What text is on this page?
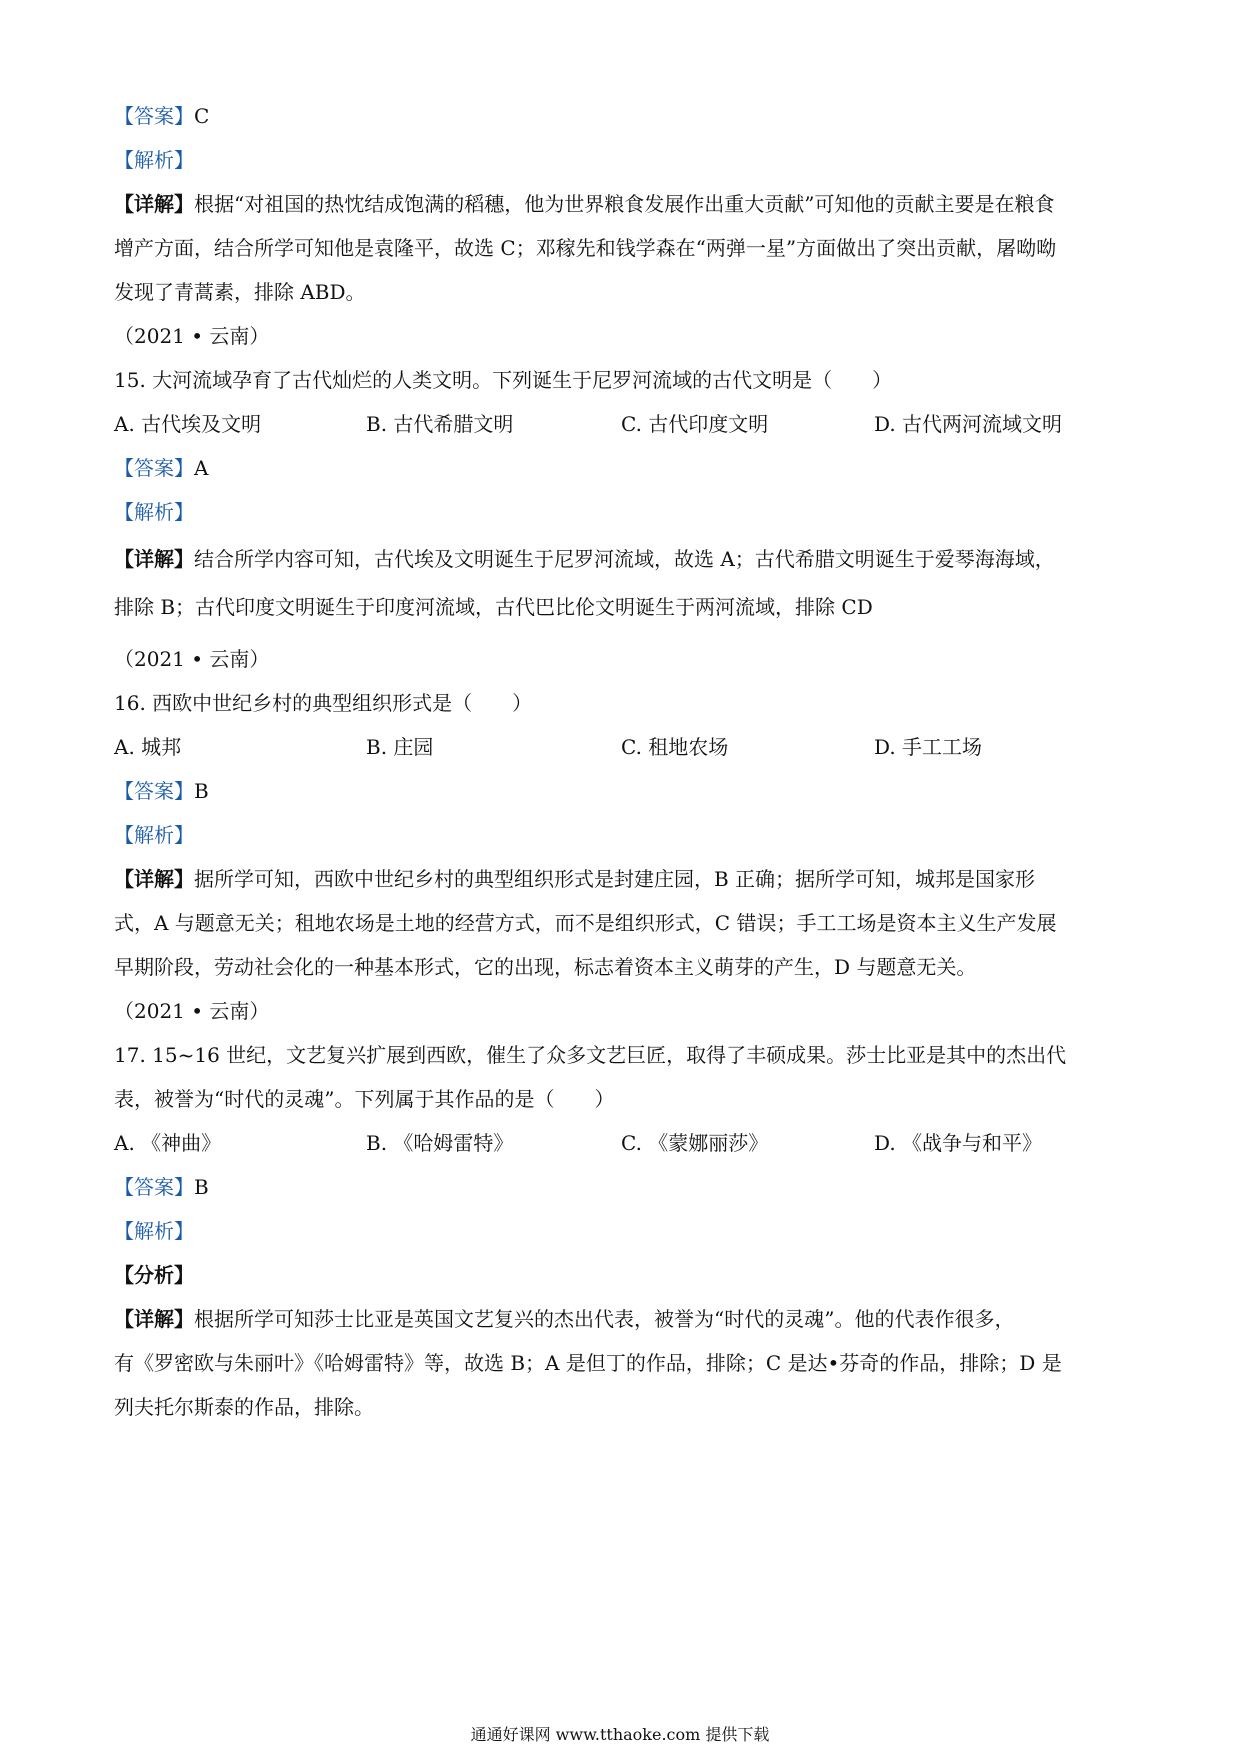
【答案】C

【解析】

【详解】根据“对祖国的热忱结成饱满的稻穗，他为世界粮食发展作出重大贡献”可知他的贡献主要是在粮食

增产方面，结合所学可知他是袁隆平，故选 C；邓稼先和钱学森在“两弹一星”方面做出了突出贡献，屠呦呦

发现了青蒿素，排除 ABD。

（2021 • 云南）

15. 大河流域孕育了古代灿烂的人类文明。下列诞生于尼罗河流域的古代文明是（　　）

A. 古代埃及文明	B. 古代希腊文明	C. 古代印度文明	D. 古代两河流域文明

【答案】A

【解析】

【详解】结合所学内容可知，古代埃及文明诞生于尼罗河流域，故选 A；古代希腊文明诞生于爱琴海海域，

排除 B；古代印度文明诞生于印度河流域，古代巴比伦文明诞生于两河流域，排除 CD

（2021 • 云南）

16. 西欧中世纪乡村的典型组织形式是（　　）

A. 城邦	B. 庄园	C. 租地农场	D. 手工工场

【答案】B

【解析】

【详解】据所学可知，西欧中世纪乡村的典型组织形式是封建庄园，B 正确；据所学可知，城邦是国家形

式，A 与题意无关；租地农场是土地的经营方式，而不是组织形式，C 错误；手工工场是资本主义生产发展

早期阶段，劳动社会化的一种基本形式，它的出现，标志着资本主义萌芽的产生，D 与题意无关。

（2021 • 云南）

17. 15~16 世纪，文艺复兴扩展到西欧，催生了众多文艺巨匠，取得了丰硕成果。莎士比亚是其中的杰出代

表，被誉为“时代的灵魂”。下列属于其作品的是（　　）

A. 《神曲》	B. 《哈姆雷特》	C. 《蒙娜丽莎》	D. 《战争与和平》

【答案】B

【解析】

【分析】

【详解】根据所学可知莎士比亚是英国文艺复兴的杰出代表，被誉为“时代的灵魂”。他的代表作很多，

有《罗密欧与朱丽叶》《哈姆雷特》等，故选 B；A 是但丁的作品，排除；C 是达•芬奇的作品，排除；D 是

列夫托尔斯泰的作品，排除。

通通好课网 www.tthaoke.com 提供下载
